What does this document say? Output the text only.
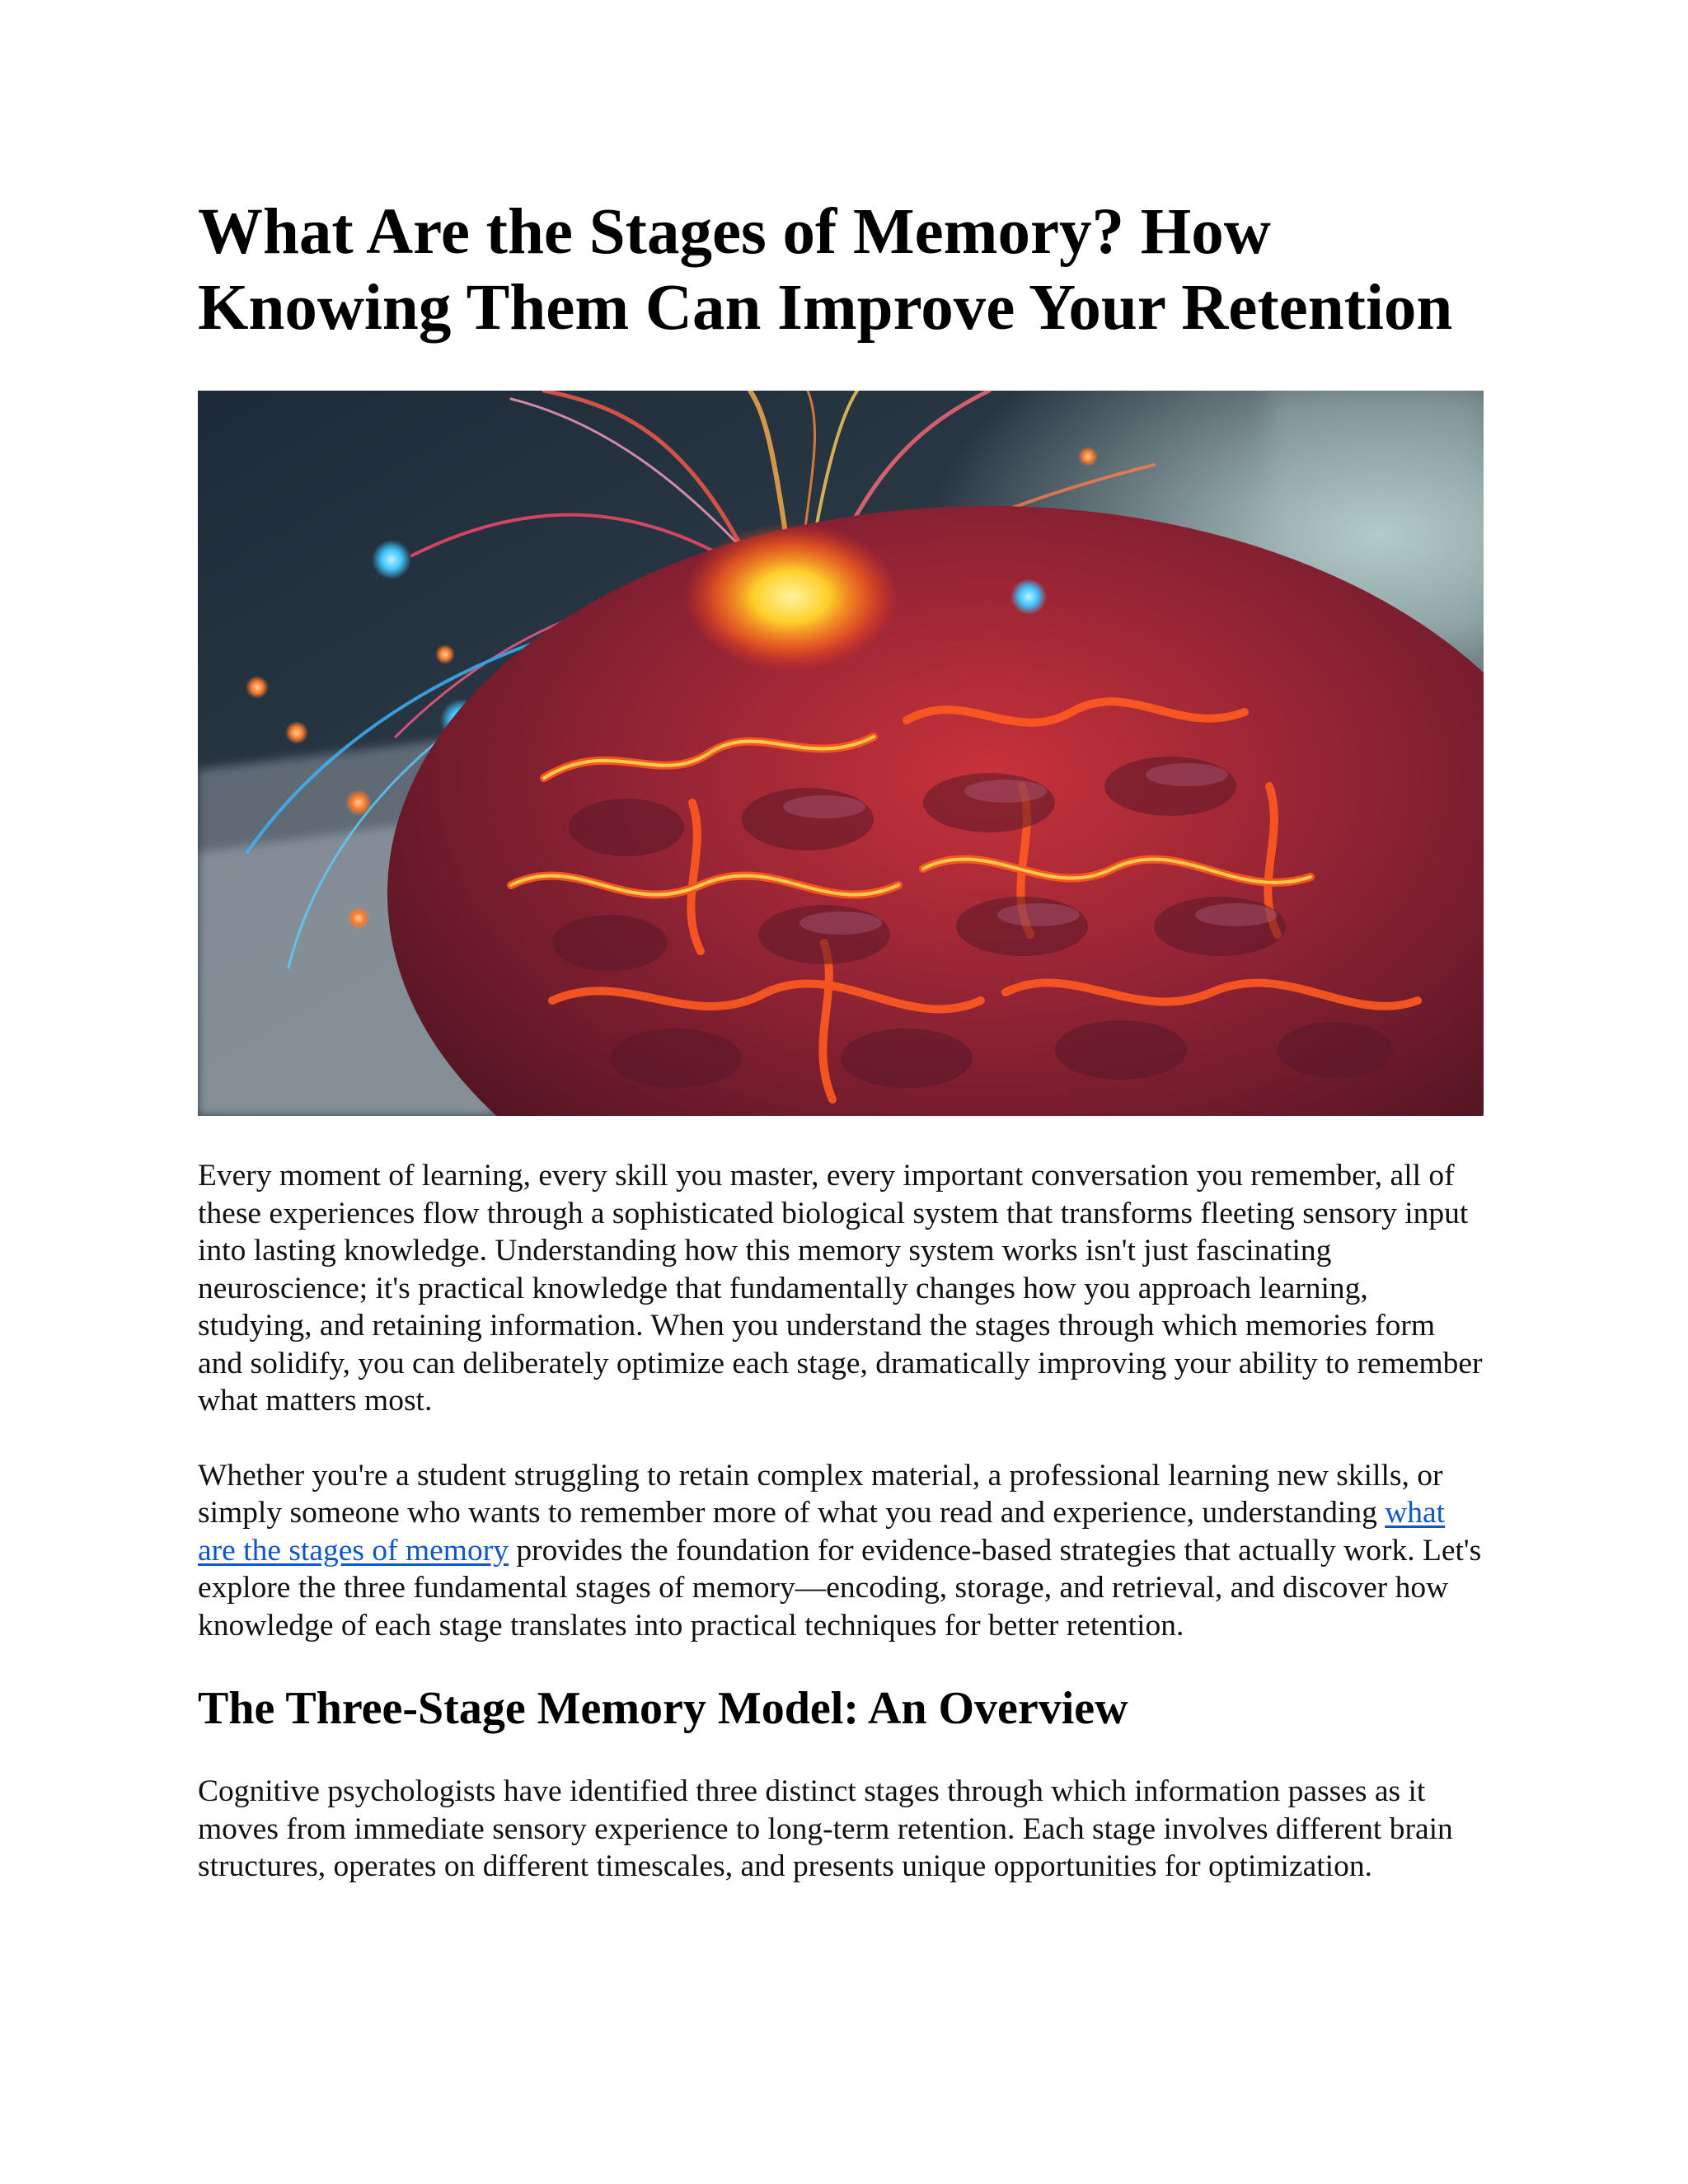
What Are the Stages of Memory? How Knowing Them Can Improve Your Retention

Every moment of learning, every skill you master, every important conversation you remember, all of these experiences flow through a sophisticated biological system that transforms fleeting sensory input into lasting knowledge. Understanding how this memory system works isn't just fascinating neuroscience; it's practical knowledge that fundamentally changes how you approach learning, studying, and retaining information. When you understand the stages through which memories form and solidify, you can deliberately optimize each stage, dramatically improving your ability to remember what matters most.

Whether you're a student struggling to retain complex material, a professional learning new skills, or simply someone who wants to remember more of what you read and experience, understanding what are the stages of memory provides the foundation for evidence-based strategies that actually work. Let's explore the three fundamental stages of memory—encoding, storage, and retrieval, and discover how knowledge of each stage translates into practical techniques for better retention.

The Three-Stage Memory Model: An Overview

Cognitive psychologists have identified three distinct stages through which information passes as it moves from immediate sensory experience to long-term retention. Each stage involves different brain structures, operates on different timescales, and presents unique opportunities for optimization.
